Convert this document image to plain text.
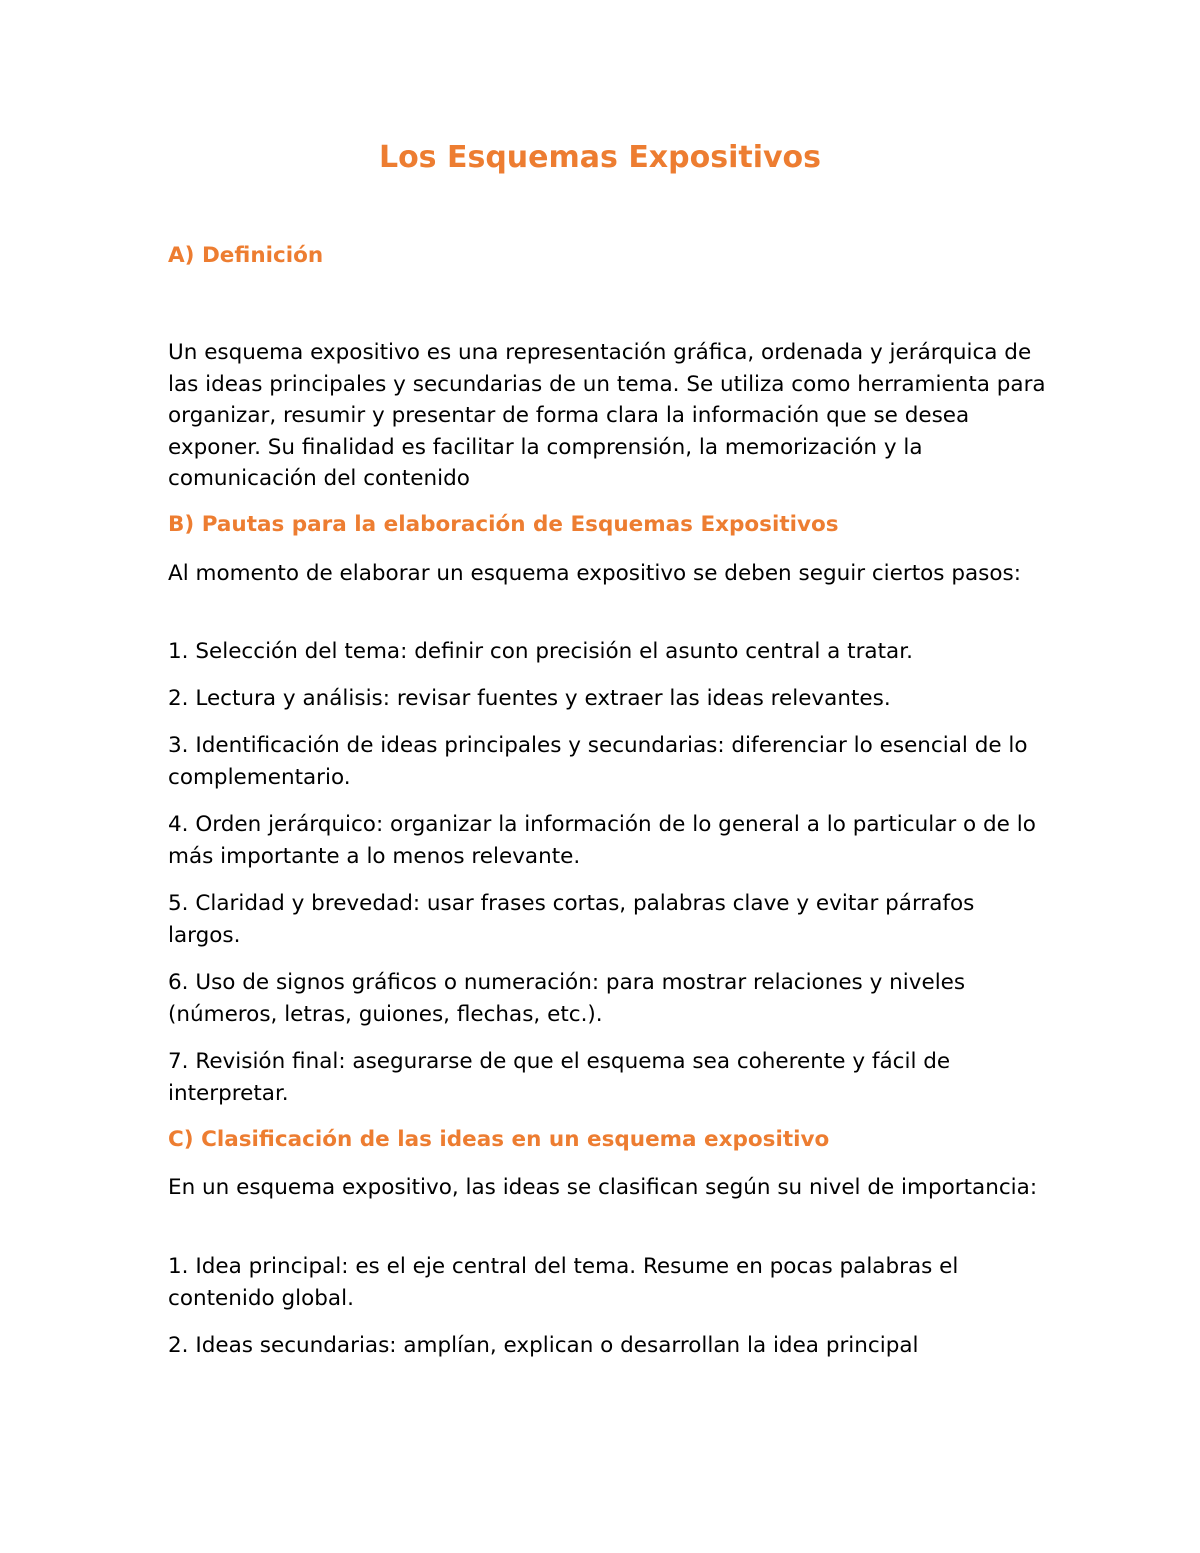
Los Esquemas Expositivos
A) Definición

Un esquema expositivo es una representación gráfica, ordenada y jerárquica de las ideas principales y secundarias de un tema. Se utiliza como herramienta para organizar, resumir y presentar de forma clara la información que se desea exponer. Su finalidad es facilitar la comprensión, la memorización y la comunicación del contenido

B) Pautas para la elaboración de Esquemas Expositivos

Al momento de elaborar un esquema expositivo se deben seguir ciertos pasos:

1. Selección del tema: definir con precisión el asunto central a tratar.

2. Lectura y análisis: revisar fuentes y extraer las ideas relevantes.

3. Identificación de ideas principales y secundarias: diferenciar lo esencial de lo complementario.

4. Orden jerárquico: organizar la información de lo general a lo particular o de lo más importante a lo menos relevante.

5. Claridad y brevedad: usar frases cortas, palabras clave y evitar párrafos largos.

6. Uso de signos gráficos o numeración: para mostrar relaciones y niveles (números, letras, guiones, flechas, etc.).

7. Revisión final: asegurarse de que el esquema sea coherente y fácil de interpretar.

C) Clasificación de las ideas en un esquema expositivo

En un esquema expositivo, las ideas se clasifican según su nivel de importancia:

1. Idea principal: es el eje central del tema. Resume en pocas palabras el contenido global.

2. Ideas secundarias: amplían, explican o desarrollan la idea principal
